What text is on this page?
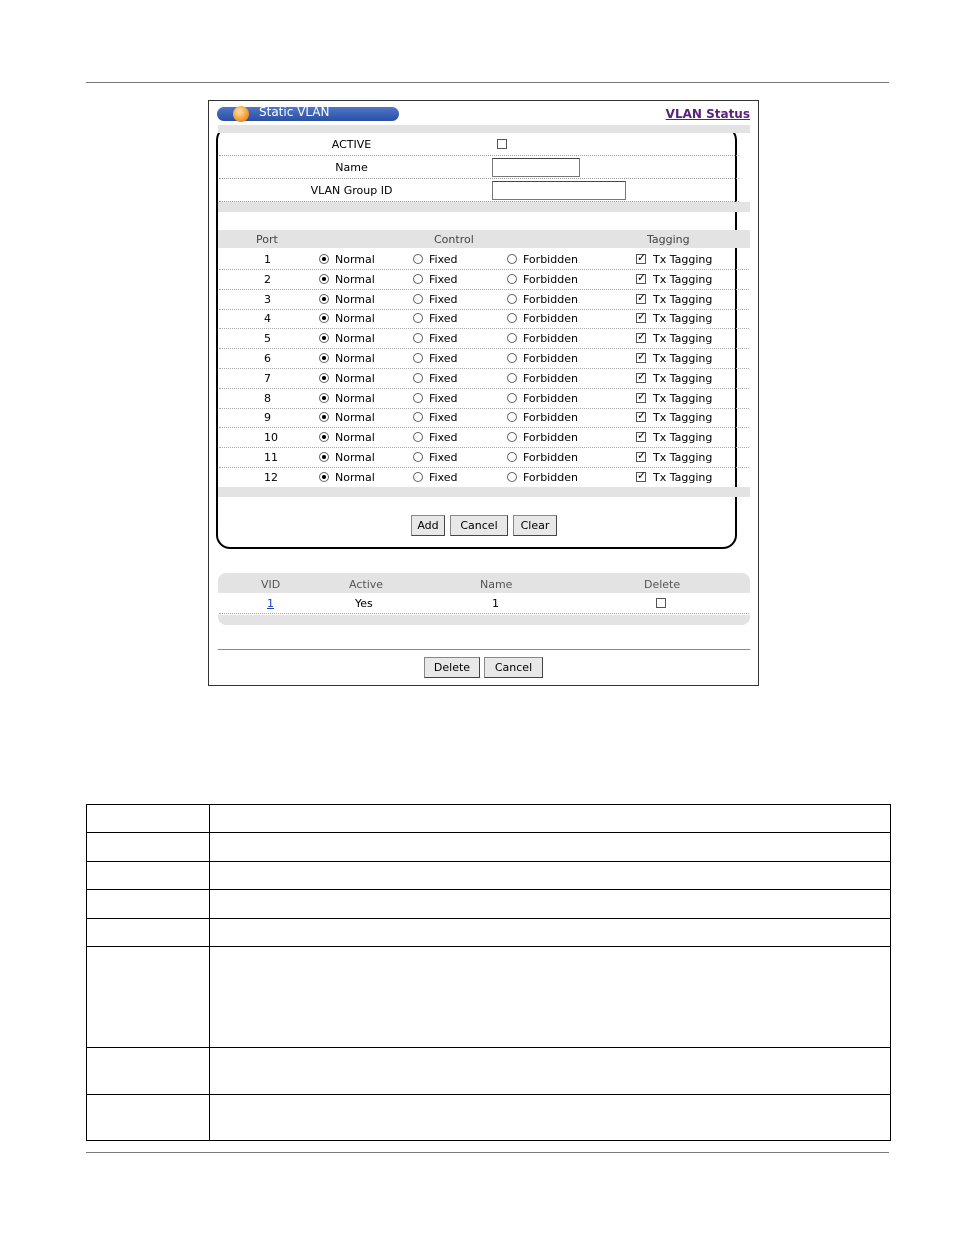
Static VLAN	VLAN Status
ACTIVE
Name
VLAN Group ID
Port	Control	Tagging
1	Normal	Fixed	Forbidden ✓	Tx Tagging
2	Normal	Fixed	Forbidden ✓	Tx Tagging
3	Normal	Fixed	Forbidden ✓	Tx Tagging
4	Normal	Fixed	Forbidden ✓	Tx Tagging
5	Normal	Fixed	Forbidden ✓	Tx Tagging
6	Normal	Fixed	Forbidden ✓	Tx Tagging
7	Normal	Fixed	Forbidden ✓	Tx Tagging
8	Normal	Fixed	Forbidden ✓	Tx Tagging
9	Normal	Fixed	Forbidden ✓	Tx Tagging
10	Normal	Fixed	Forbidden ✓	Tx Tagging
11	Normal	Fixed	Forbidden ✓	Tx Tagging
12	Normal	Fixed	Forbidden ✓	Tx Tagging
Add	Cancel	Clear
VID	Active	Name	Delete
1	Yes	1
Delete	Cancel
